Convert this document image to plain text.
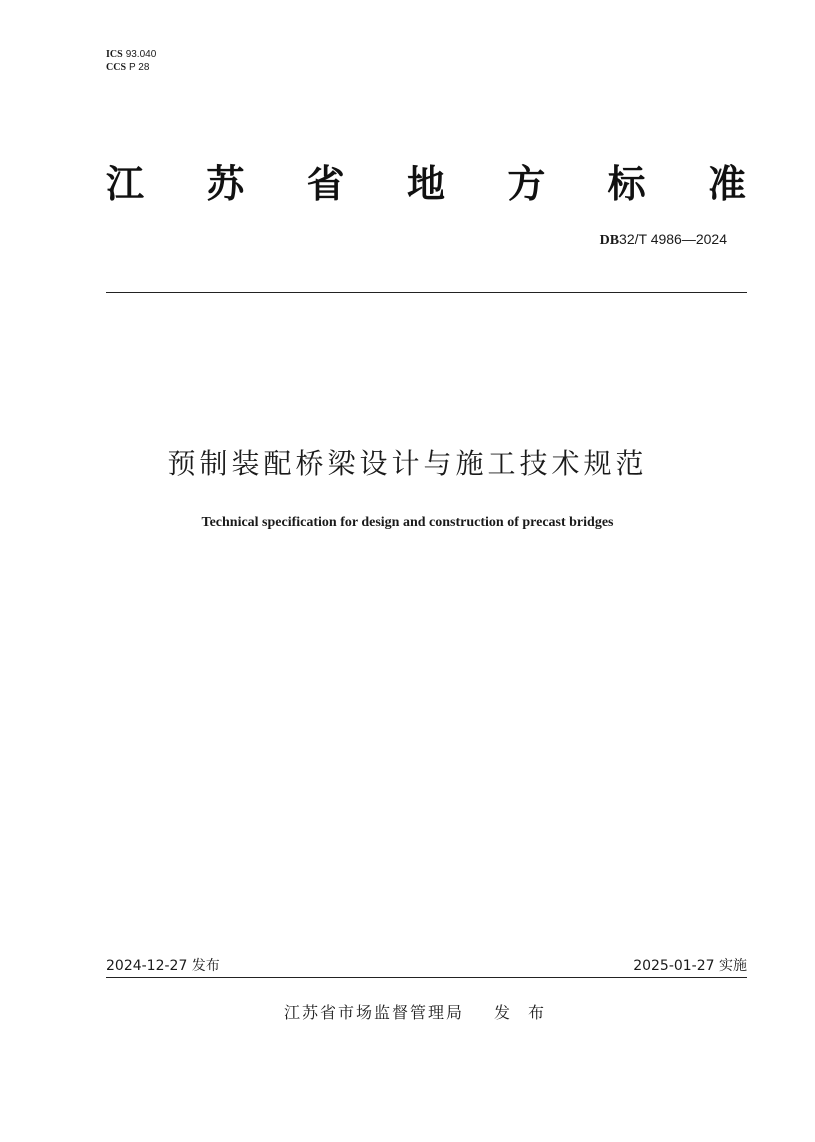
ICS 93.040
CCS P 28
江 苏 省 地 方 标 准
DB32/T 4986—2024
预制装配桥梁设计与施工技术规范
Technical specification for design and construction of precast bridges
2024-12-27 发布	2025-01-27 实施
江苏省市场监督管理局 发布
